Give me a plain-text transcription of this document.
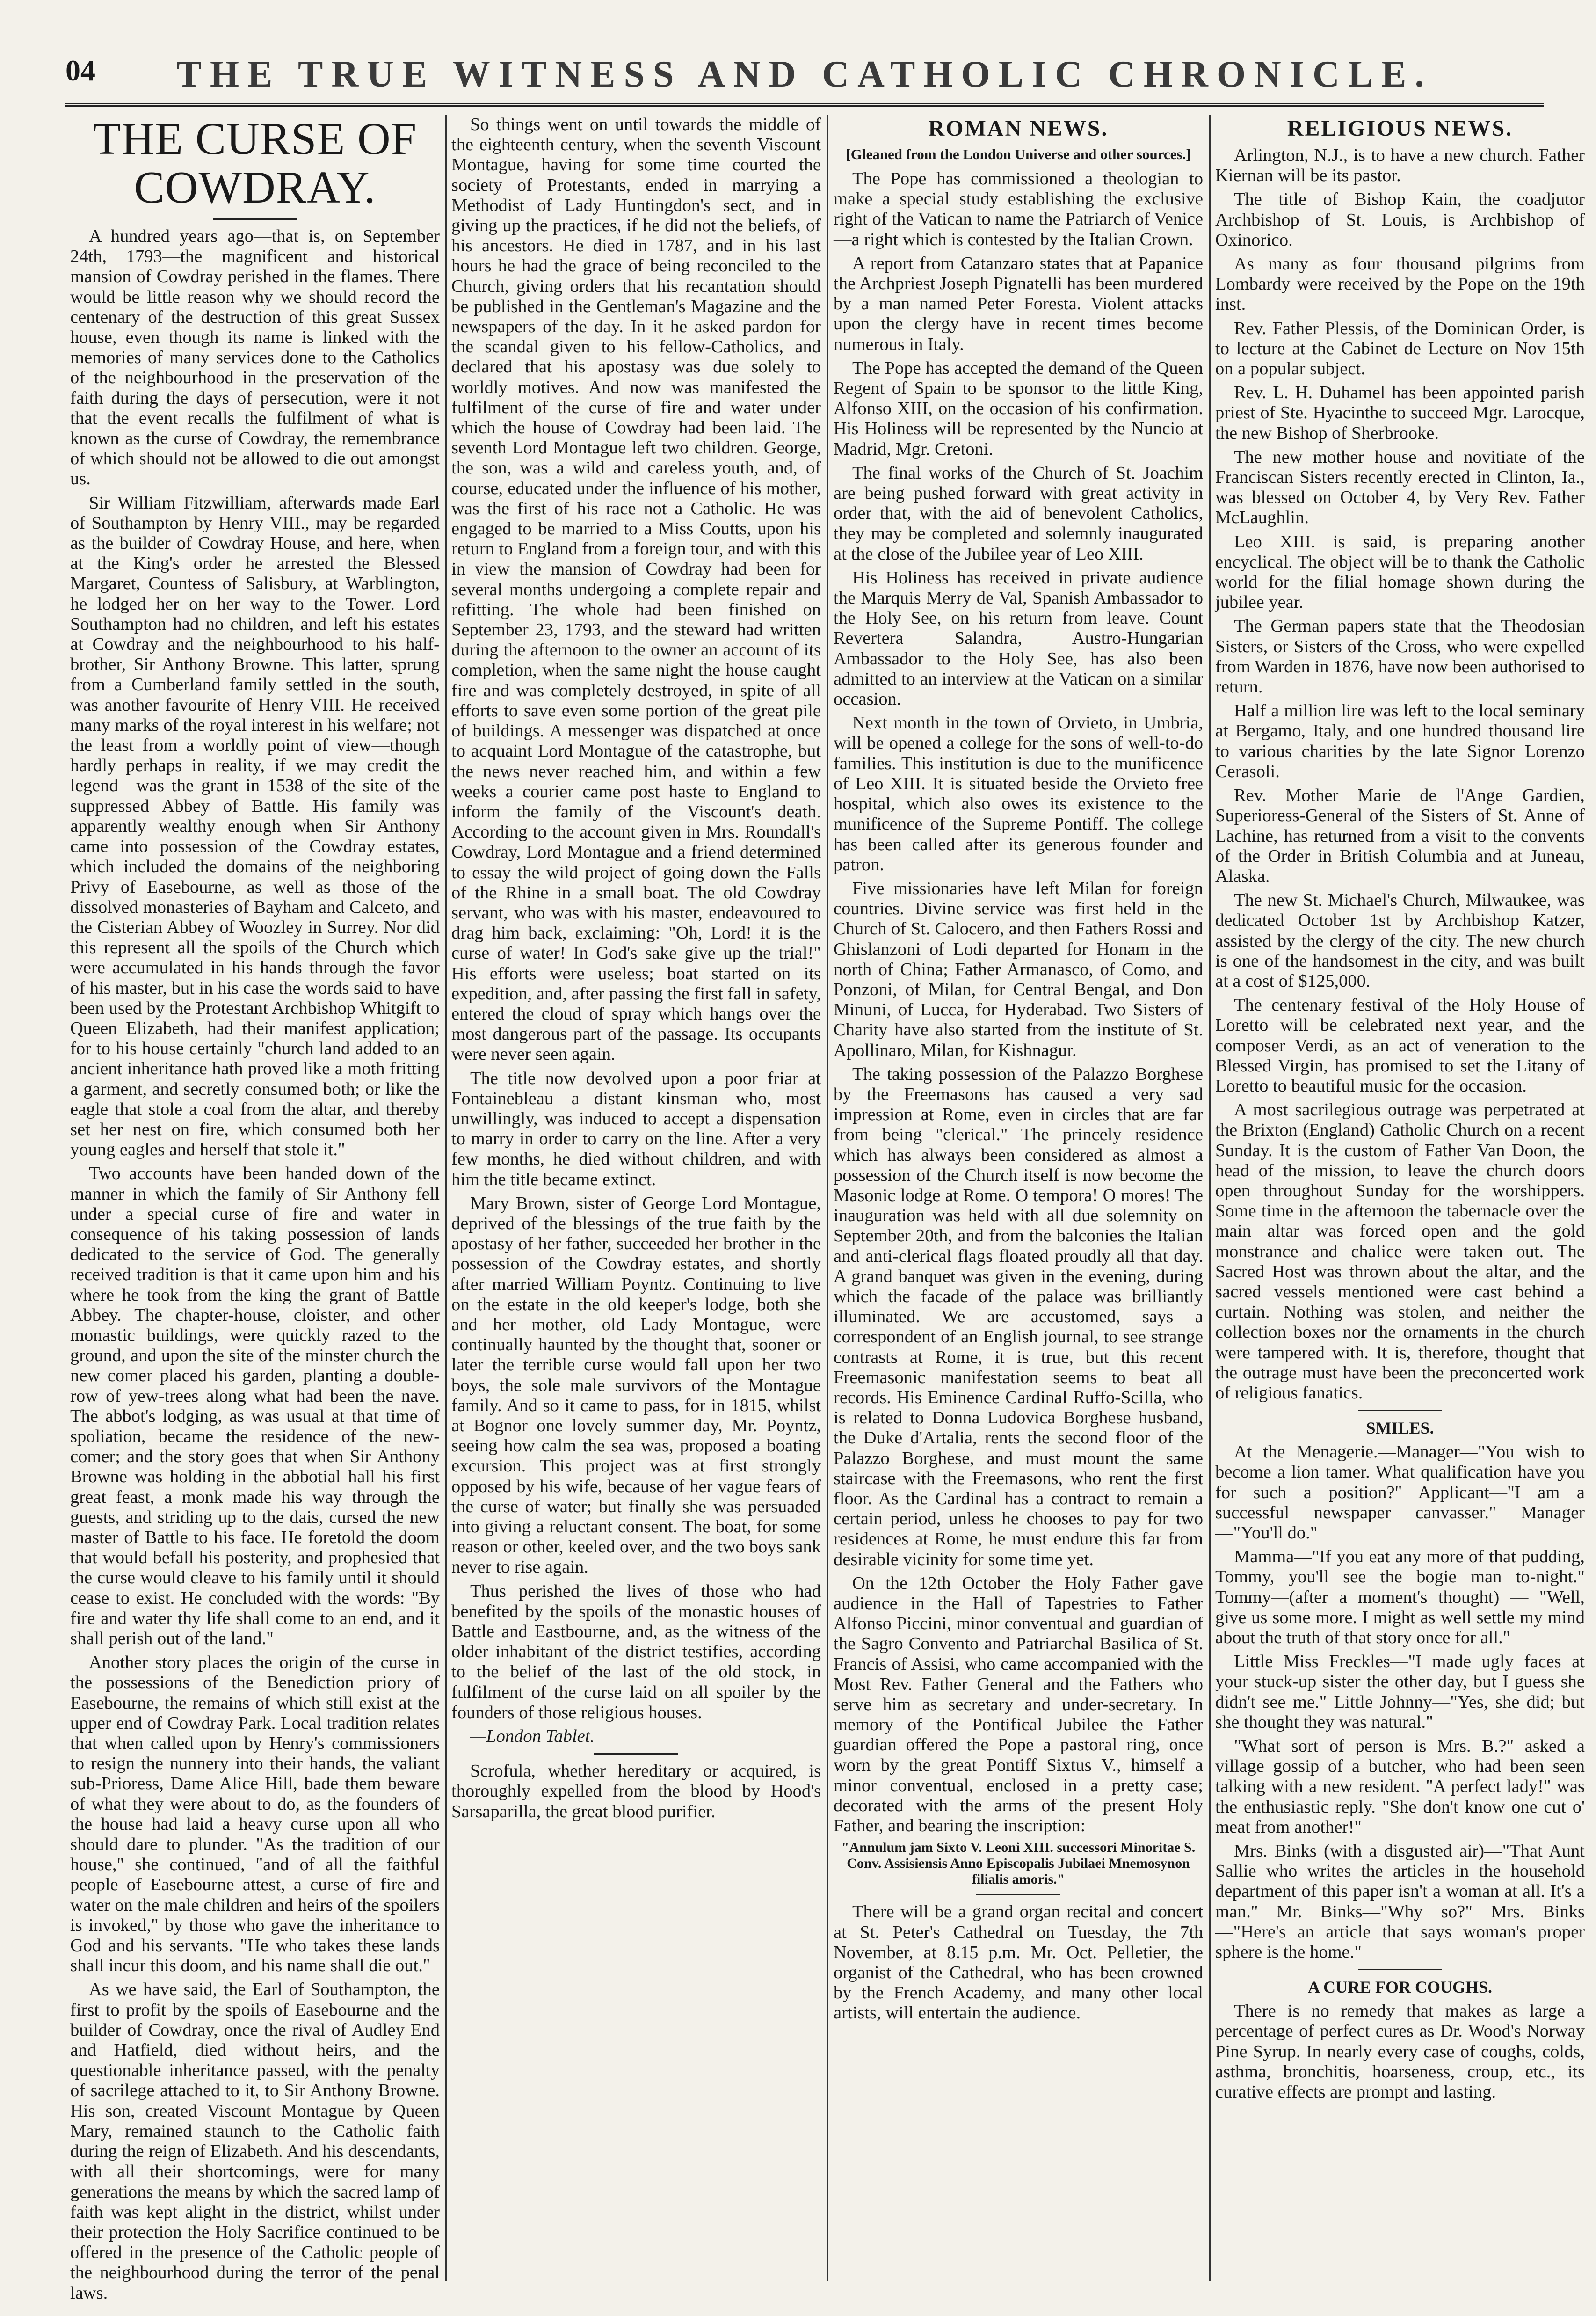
04	THE TRUE WITNESS AND CATHOLIC CHRONICLE.
THE CURSE OF COWDRAY.

A hundred years ago—that is, on September 24th, 1793—the magnificent and historical mansion of Cowdray perished in the flames. There would be little reason why we should record the centenary of the destruction of this great Sussex house, even though its name is linked with the memories of many services done to the Catholics of the neighbourhood in the preservation of the faith during the days of persecution, were it not that the event recalls the fulfilment of what is known as the curse of Cowdray, the remembrance of which should not be allowed to die out amongst us.

Sir William Fitzwilliam, afterwards made Earl of Southampton by Henry VIII., may be regarded as the builder of Cowdray House, and here, when at the King's order he arrested the Blessed Margaret, Countess of Salisbury, at Warblington, he lodged her on her way to the Tower. Lord Southampton had no children, and left his estates at Cowdray and the neighbourhood to his half-brother, Sir Anthony Browne. This latter, sprung from a Cumberland family settled in the south, was another favourite of Henry VIII. He received many marks of the royal interest in his welfare; not the least from a worldly point of view—though hardly perhaps in reality, if we may credit the legend—was the grant in 1538 of the site of the suppressed Abbey of Battle. His family was apparently wealthy enough when Sir Anthony came into possession of the Cowdray estates, which included the domains of the neighboring Privy of Easebourne, as well as those of the dissolved monasteries of Bayham and Calceto, and the Cisterian Abbey of Woozley in Surrey. Nor did this represent all the spoils of the Church which were accumulated in his hands through the favor of his master, but in his case the words said to have been used by the Protestant Archbishop Whitgift to Queen Elizabeth, had their manifest application; for to his house certainly "church land added to an ancient inheritance hath proved like a moth fritting a garment, and secretly consumed both; or like the eagle that stole a coal from the altar, and thereby set her nest on fire, which consumed both her young eagles and herself that stole it."

Two accounts have been handed down of the manner in which the family of Sir Anthony fell under a special curse of fire and water in consequence of his taking possession of lands dedicated to the service of God. The generally received tradition is that it came upon him and his where he took from the king the grant of Battle Abbey. The chapter-house, cloister, and other monastic buildings, were quickly razed to the ground, and upon the site of the minster church the new comer placed his garden, planting a double-row of yew-trees along what had been the nave. The abbot's lodging, as was usual at that time of spoliation, became the residence of the new-comer; and the story goes that when Sir Anthony Browne was holding in the abbotial hall his first great feast, a monk made his way through the guests, and striding up to the dais, cursed the new master of Battle to his face. He foretold the doom that would befall his posterity, and prophesied that the curse would cleave to his family until it should cease to exist. He concluded with the words: "By fire and water thy life shall come to an end, and it shall perish out of the land."

Another story places the origin of the curse in the possessions of the Benediction priory of Easebourne, the remains of which still exist at the upper end of Cowdray Park. Local tradition relates that when called upon by Henry's commissioners to resign the nunnery into their hands, the valiant sub-Prioress, Dame Alice Hill, bade them beware of what they were about to do, as the founders of the house had laid a heavy curse upon all who should dare to plunder. "As the tradition of our house," she continued, "and of all the faithful people of Easebourne attest, a curse of fire and water on the male children and heirs of the spoilers is invoked," by those who gave the inheritance to God and his servants. "He who takes these lands shall incur this doom, and his name shall die out."

As we have said, the Earl of Southampton, the first to profit by the spoils of Easebourne and the builder of Cowdray, once the rival of Audley End and Hatfield, died without heirs, and the questionable inheritance passed, with the penalty of sacrilege attached to it, to Sir Anthony Browne. His son, created Viscount Montague by Queen Mary, remained staunch to the Catholic faith during the reign of Elizabeth. And his descendants, with all their shortcomings, were for many generations the means by which the sacred lamp of faith was kept alight in the district, whilst under their protection the Holy Sacrifice continued to be offered in the presence of the Catholic people of the neighbourhood during the terror of the penal laws.

So things went on until towards the middle of the eighteenth century, when the seventh Viscount Montague, having for some time courted the society of Protestants, ended in marrying a Methodist of Lady Huntingdon's sect, and in giving up the practices, if he did not the beliefs, of his ancestors. He died in 1787, and in his last hours he had the grace of being reconciled to the Church, giving orders that his recantation should be published in the Gentleman's Magazine and the newspapers of the day. In it he asked pardon for the scandal given to his fellow-Catholics, and declared that his apostasy was due solely to worldly motives. And now was manifested the fulfilment of the curse of fire and water under which the house of Cowdray had been laid. The seventh Lord Montague left two children. George, the son, was a wild and careless youth, and, of course, educated under the influence of his mother, was the first of his race not a Catholic. He was engaged to be married to a Miss Coutts, upon his return to England from a foreign tour, and with this in view the mansion of Cowdray had been for several months undergoing a complete repair and refitting. The whole had been finished on September 23, 1793, and the steward had written during the afternoon to the owner an account of its completion, when the same night the house caught fire and was completely destroyed, in spite of all efforts to save even some portion of the great pile of buildings. A messenger was dispatched at once to acquaint Lord Montague of the catastrophe, but the news never reached him, and within a few weeks a courier came post haste to England to inform the family of the Viscount's death. According to the account given in Mrs. Roundall's Cowdray, Lord Montague and a friend determined to essay the wild project of going down the Falls of the Rhine in a small boat. The old Cowdray servant, who was with his master, endeavoured to drag him back, exclaiming: "Oh, Lord! it is the curse of water! In God's sake give up the trial!" His efforts were useless; boat started on its expedition, and, after passing the first fall in safety, entered the cloud of spray which hangs over the most dangerous part of the passage. Its occupants were never seen again.

The title now devolved upon a poor friar at Fontainebleau—a distant kinsman—who, most unwillingly, was induced to accept a dispensation to marry in order to carry on the line. After a very few months, he died without children, and with him the title became extinct.

Mary Brown, sister of George Lord Montague, deprived of the blessings of the true faith by the apostasy of her father, succeeded her brother in the possession of the Cowdray estates, and shortly after married William Poyntz. Continuing to live on the estate in the old keeper's lodge, both she and her mother, old Lady Montague, were continually haunted by the thought that, sooner or later the terrible curse would fall upon her two boys, the sole male survivors of the Montague family. And so it came to pass, for in 1815, whilst at Bognor one lovely summer day, Mr. Poyntz, seeing how calm the sea was, proposed a boating excursion. This project was at first strongly opposed by his wife, because of her vague fears of the curse of water; but finally she was persuaded into giving a reluctant consent. The boat, for some reason or other, keeled over, and the two boys sank never to rise again.

Thus perished the lives of those who had benefited by the spoils of the monastic houses of Battle and Eastbourne, and, as the witness of the older inhabitant of the district testifies, according to the belief of the last of the old stock, in fulfilment of the curse laid on all spoiler by the founders of those religious houses.

—London Tablet.

Scrofula, whether hereditary or acquired, is thoroughly expelled from the blood by Hood's Sarsaparilla, the great blood purifier.

ROMAN NEWS.

[Gleaned from the London Universe and other sources.]

The Pope has commissioned a theologian to make a special study establishing the exclusive right of the Vatican to name the Patriarch of Venice—a right which is contested by the Italian Crown.

A report from Catanzaro states that at Papanice the Archpriest Joseph Pignatelli has been murdered by a man named Peter Foresta. Violent attacks upon the clergy have in recent times become numerous in Italy.

The Pope has accepted the demand of the Queen Regent of Spain to be sponsor to the little King, Alfonso XIII, on the occasion of his confirmation. His Holiness will be represented by the Nuncio at Madrid, Mgr. Cretoni.

The final works of the Church of St. Joachim are being pushed forward with great activity in order that, with the aid of benevolent Catholics, they may be completed and solemnly inaugurated at the close of the Jubilee year of Leo XIII.

His Holiness has received in private audience the Marquis Merry de Val, Spanish Ambassador to the Holy See, on his return from leave. Count Revertera Salandra, Austro-Hungarian Ambassador to the Holy See, has also been admitted to an interview at the Vatican on a similar occasion.

Next month in the town of Orvieto, in Umbria, will be opened a college for the sons of well-to-do families. This institution is due to the munificence of Leo XIII. It is situated beside the Orvieto free hospital, which also owes its existence to the munificence of the Supreme Pontiff. The college has been called after its generous founder and patron.

Five missionaries have left Milan for foreign countries. Divine service was first held in the Church of St. Calocero, and then Fathers Rossi and Ghislanzoni of Lodi departed for Honam in the north of China; Father Armanasco, of Como, and Ponzoni, of Milan, for Central Bengal, and Don Minuni, of Lucca, for Hyderabad. Two Sisters of Charity have also started from the institute of St. Apollinaro, Milan, for Kishnagur.

The taking possession of the Palazzo Borghese by the Freemasons has caused a very sad impression at Rome, even in circles that are far from being "clerical." The princely residence which has always been considered as almost a possession of the Church itself is now become the Masonic lodge at Rome. O tempora! O mores! The inauguration was held with all due solemnity on September 20th, and from the balconies the Italian and anti-clerical flags floated proudly all that day. A grand banquet was given in the evening, during which the facade of the palace was brilliantly illuminated. We are accustomed, says a correspondent of an English journal, to see strange contrasts at Rome, it is true, but this recent Freemasonic manifestation seems to beat all records. His Eminence Cardinal Ruffo-Scilla, who is related to Donna Ludovica Borghese husband, the Duke d'Artalia, rents the second floor of the Palazzo Borghese, and must mount the same staircase with the Freemasons, who rent the first floor. As the Cardinal has a contract to remain a certain period, unless he chooses to pay for two residences at Rome, he must endure this far from desirable vicinity for some time yet.

On the 12th October the Holy Father gave audience in the Hall of Tapestries to Father Alfonso Piccini, minor conventual and guardian of the Sagro Convento and Patriarchal Basilica of St. Francis of Assisi, who came accompanied with the Most Rev. Father General and the Fathers who serve him as secretary and under-secretary. In memory of the Pontifical Jubilee the Father guardian offered the Pope a pastoral ring, once worn by the great Pontiff Sixtus V., himself a minor conventual, enclosed in a pretty case; decorated with the arms of the present Holy Father, and bearing the inscription:

"Annulum jam Sixto V. Leoni XIII. successori Minoritae S. Conv. Assisiensis Anno Episcopalis Jubilaei Mnemosynon filialis amoris."

There will be a grand organ recital and concert at St. Peter's Cathedral on Tuesday, the 7th November, at 8.15 p.m. Mr. Oct. Pelletier, the organist of the Cathedral, who has been crowned by the French Academy, and many other local artists, will entertain the audience.

RELIGIOUS NEWS.

Arlington, N.J., is to have a new church. Father Kiernan will be its pastor.

The title of Bishop Kain, the coadjutor Archbishop of St. Louis, is Archbishop of Oxinorico.

As many as four thousand pilgrims from Lombardy were received by the Pope on the 19th inst.

Rev. Father Plessis, of the Dominican Order, is to lecture at the Cabinet de Lecture on Nov 15th on a popular subject.

Rev. L. H. Duhamel has been appointed parish priest of Ste. Hyacinthe to succeed Mgr. Larocque, the new Bishop of Sherbrooke.

The new mother house and novitiate of the Franciscan Sisters recently erected in Clinton, Ia., was blessed on October 4, by Very Rev. Father McLaughlin.

Leo XIII. is said, is preparing another encyclical. The object will be to thank the Catholic world for the filial homage shown during the jubilee year.

The German papers state that the Theodosian Sisters, or Sisters of the Cross, who were expelled from Warden in 1876, have now been authorised to return.

Half a million lire was left to the local seminary at Bergamo, Italy, and one hundred thousand lire to various charities by the late Signor Lorenzo Cerasoli.

Rev. Mother Marie de l'Ange Gardien, Superioress-General of the Sisters of St. Anne of Lachine, has returned from a visit to the convents of the Order in British Columbia and at Juneau, Alaska.

The new St. Michael's Church, Milwaukee, was dedicated October 1st by Archbishop Katzer, assisted by the clergy of the city. The new church is one of the handsomest in the city, and was built at a cost of $125,000.

The centenary festival of the Holy House of Loretto will be celebrated next year, and the composer Verdi, as an act of veneration to the Blessed Virgin, has promised to set the Litany of Loretto to beautiful music for the occasion.

A most sacrilegious outrage was perpetrated at the Brixton (England) Catholic Church on a recent Sunday. It is the custom of Father Van Doon, the head of the mission, to leave the church doors open throughout Sunday for the worshippers. Some time in the afternoon the tabernacle over the main altar was forced open and the gold monstrance and chalice were taken out. The Sacred Host was thrown about the altar, and the sacred vessels mentioned were cast behind a curtain. Nothing was stolen, and neither the collection boxes nor the ornaments in the church were tampered with. It is, therefore, thought that the outrage must have been the preconcerted work of religious fanatics.

SMILES.

At the Menagerie.—Manager—"You wish to become a lion tamer. What qualification have you for such a position?" Applicant—"I am a successful newspaper canvasser." Manager—"You'll do."

Mamma—"If you eat any more of that pudding, Tommy, you'll see the bogie man to-night." Tommy—(after a moment's thought) — "Well, give us some more. I might as well settle my mind about the truth of that story once for all."

Little Miss Freckles—"I made ugly faces at your stuck-up sister the other day, but I guess she didn't see me." Little Johnny—"Yes, she did; but she thought they was natural."

"What sort of person is Mrs. B.?" asked a village gossip of a butcher, who had been seen talking with a new resident. "A perfect lady!" was the enthusiastic reply. "She don't know one cut o' meat from another!"

Mrs. Binks (with a disgusted air)—"That Aunt Sallie who writes the articles in the household department of this paper isn't a woman at all. It's a man." Mr. Binks—"Why so?" Mrs. Binks—"Here's an article that says woman's proper sphere is the home."

A CURE FOR COUGHS.

There is no remedy that makes as large a percentage of perfect cures as Dr. Wood's Norway Pine Syrup. In nearly every case of coughs, colds, asthma, bronchitis, hoarseness, croup, etc., its curative effects are prompt and lasting.
